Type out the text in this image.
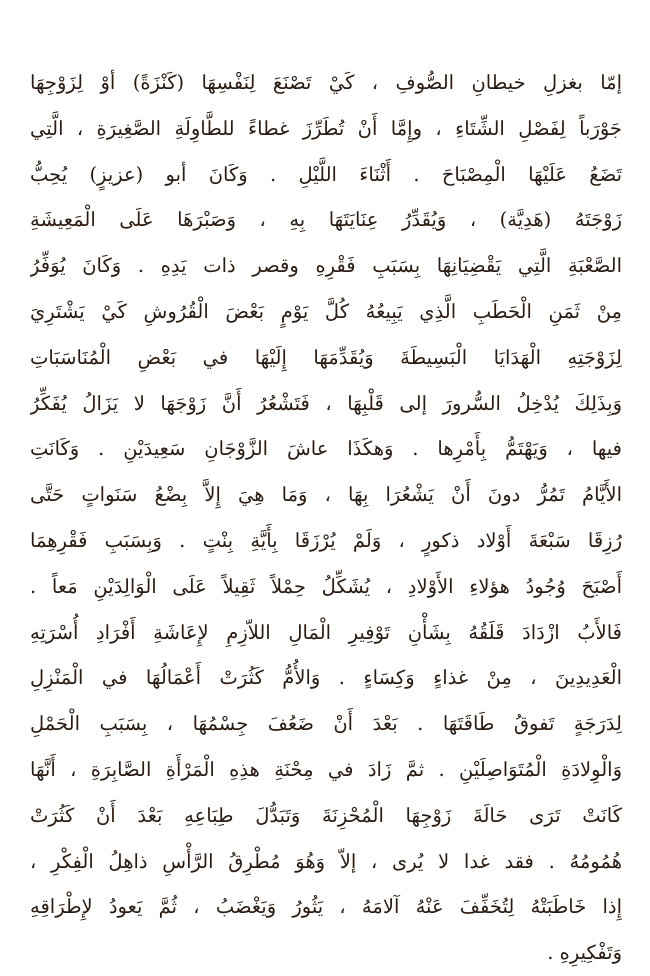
إمّا بغزلِ خيطانِ الصُّوفِ ، كَيْ تَصْنَعَ لِنَفْسِهَا (كَنْزَةً) أوْ لِزَوْجِهَا
جَوْرَباً لِفَصْلِ الشِّتَاءِ ، وإِمَّا أَنْ تُطَرِّزَ غطاءً للطَّاوِلَةِ الصَّغِيرَةِ ، الَّتِي
تَضَعُ عَلَيْهَا الْمِصْبَاحَ . أَثْنَاءَ اللَّيْلِ . وَكَانَ أبو (عزيزٍ) يُحِبُّ
زَوْجَتَهُ (هَدِيَّة) ، وَيُقَدِّرُ عِنَايَتَهَا بِهِ ، وَصَبْرَهَا عَلَى الْمَعِيشَةِ
الصَّعْبَةِ الَّتِي يَقْضِيَانِهَا بِسَبَبِ فَقْرِهِ وقصر ذات يَدِهِ . وَكَانَ يُوَفِّرُ
مِنْ ثَمَنِ الْحَطَبِ الَّذِي يَبِيعُهُ كُلَّ يَوْمٍ بَعْضَ الْقُرُوشِ كَيْ يَشْتَرِيَ
لِزَوْجَتِهِ الْهَدَايَا الْبَسِيطَةَ وَيُقَدِّمَهَا إِلَيْهَا في بَعْضِ الْمُنَاسَبَاتِ
وَبِذَلِكَ يُدْخِلُ السُّرورَ إلى قَلْبِهَا ، فَتَشْعُرُ أَنَّ زَوْجَهَا لا يَزَالُ يُفَكِّرُ
فيها ، وَيَهْتَمُّ بِأَمْرِها . وَهكَذَا عاشَ الزَّوْجَانِ سَعِيدَيْنِ . وَكَانَتِ
الأَيَّامُ تَمُرُّ دونَ أَنْ يَشْعُرَا بِهَا ، وَمَا هِيَ إِلاَّ بِضْعُ سَنَواتٍ حَتَّى
رُزِقَا سَبْعَةَ أَوْلاد ذكورٍ ، وَلَمْ يُرْزَقَا بِأَيَّةِ بِنْتٍ . وَبِسَبَبِ فَقْرِهِمَا
أَصْبَحَ وُجُودُ هؤلاءِ الأَوْلادِ ، يُشَكِّلُ حِمْلاً ثَقِيلاً عَلَى الْوَالِدَيْنِ مَعاً .
فَالأَبُ ازْدَادَ قَلَقُهُ بِشَأْنِ تَوْفِيرِ الْمَالِ اللاّزِمِ لإِعَاشَةِ أَفْرَادِ أُسْرَتِهِ
الْعَدِيدِينَ ، مِنْ غذاءٍ وَكِسَاءٍ . وَالأُمُّ كَثُرَتْ أَعْمَالُهَا في الْمَنْزِلِ
لِدَرَجَةٍ تَفوقُ طَاقَتَهَا . بَعْدَ أَنْ ضَعُفَ جِسْمُهَا ، بِسَبَبِ الْحَمْلِ
وَالْوِلادَةِ الْمُتَوَاصِلَيْنِ . ثمَّ زَادَ في مِحْنَةِ هذِهِ الْمَرْأَةِ الصَّابِرَةِ ، أَنَّهَا
كَانَتْ تَرَى حَالَةَ زَوْجِهَا الْمُحْزِنَةَ وَتَبَدُّلَ طِبَاعِهِ بَعْدَ أَنْ كَثُرَتْ
هُمُومُهُ . فقد غدا لا يُرى ، إلاّ وَهُوَ مُطْرِقُ الرَّأْسِ ذاهِلُ الْفِكْرِ ،
إِذا خَاطَبَتْهُ لِتُخَفِّفَ عَنْهُ آلامَهُ ، يَثُورُ وَيَغْضَبُ ، ثُمَّ يَعودُ لإِطْرَاقِهِ
وَتَفْكِيرِهِ .
